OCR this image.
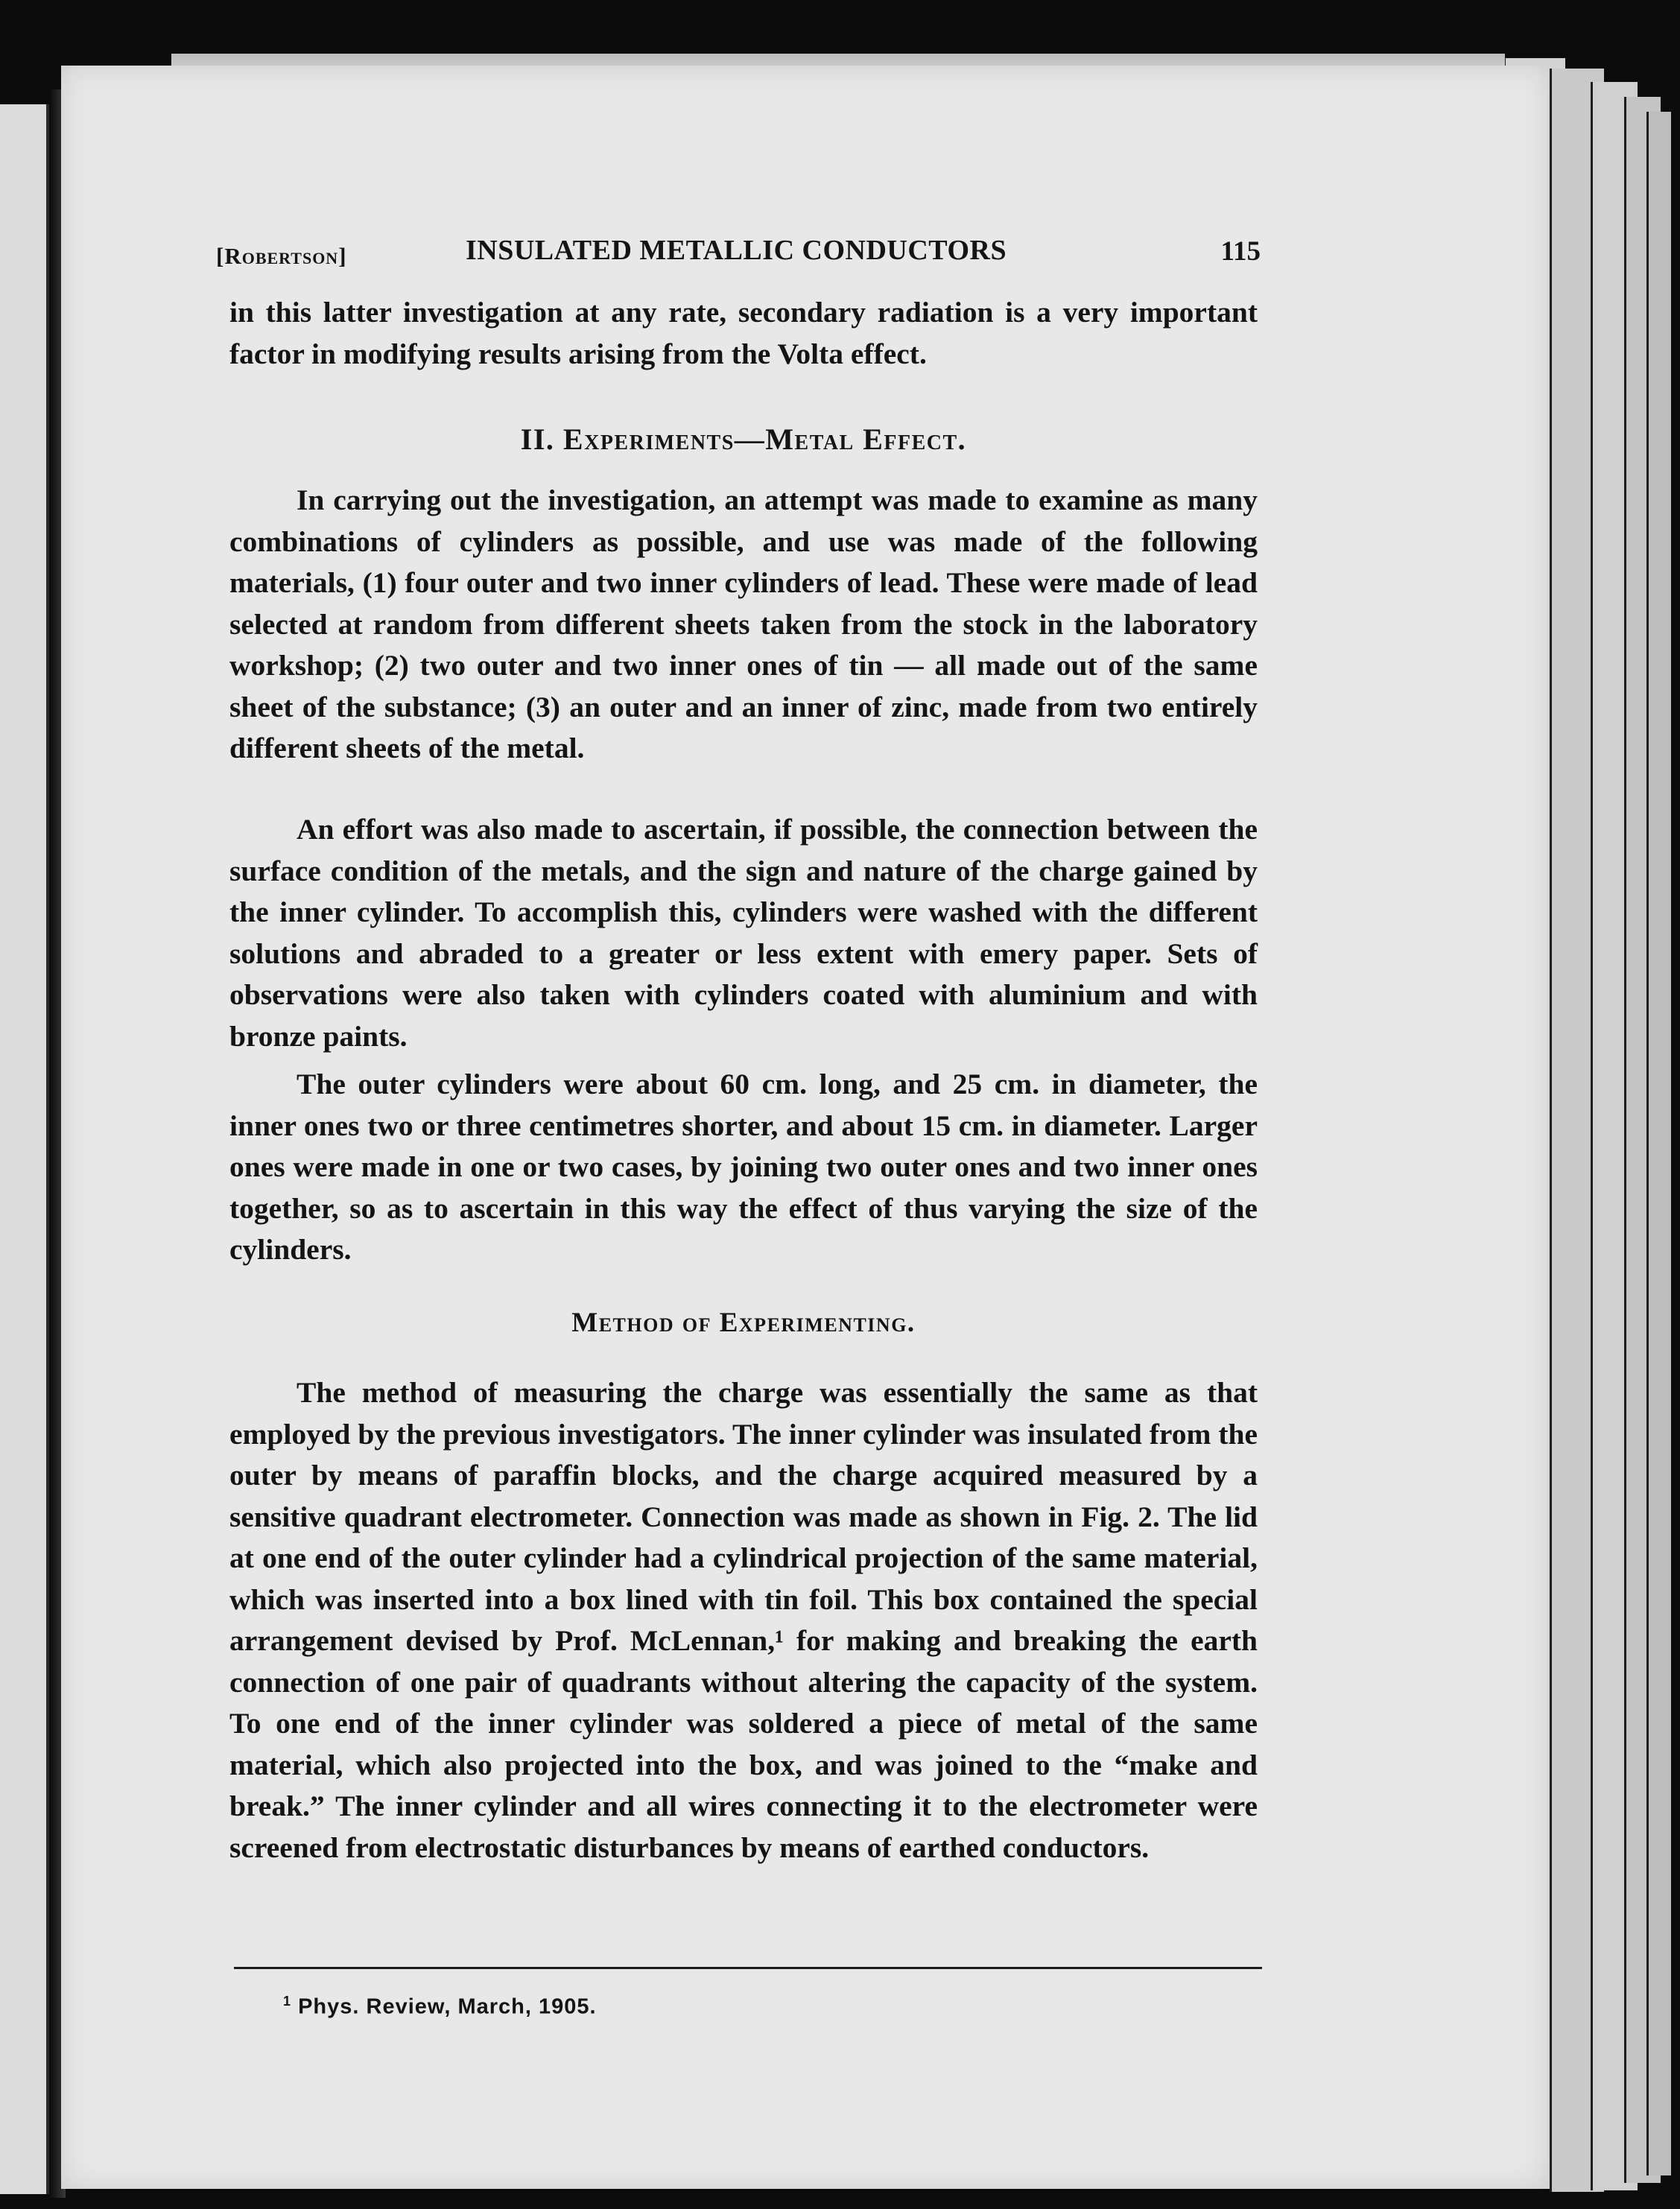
[Robertson]	INSULATED METALLIC CONDUCTORS	115

in this latter investigation at any rate, secondary radiation is a very important factor in modifying results arising from the Volta effect.

II. Experiments—Metal Effect.

In carrying out the investigation, an attempt was made to examine as many combinations of cylinders as possible, and use was made of the following materials, (1) four outer and two inner cylinders of lead. These were made of lead selected at random from different sheets taken from the stock in the laboratory workshop; (2) two outer and two inner ones of tin — all made out of the same sheet of the substance; (3) an outer and an inner of zinc, made from two entirely different sheets of the metal.

An effort was also made to ascertain, if possible, the connection between the surface condition of the metals, and the sign and nature of the charge gained by the inner cylinder. To accomplish this, cylinders were washed with the different solutions and abraded to a greater or less extent with emery paper. Sets of observations were also taken with cylinders coated with aluminium and with bronze paints.

The outer cylinders were about 60 cm. long, and 25 cm. in diameter, the inner ones two or three centimetres shorter, and about 15 cm. in diameter. Larger ones were made in one or two cases, by joining two outer ones and two inner ones together, so as to ascertain in this way the effect of thus varying the size of the cylinders.

Method of Experimenting.

The method of measuring the charge was essentially the same as that employed by the previous investigators. The inner cylinder was insulated from the outer by means of paraffin blocks, and the charge acquired measured by a sensitive quadrant electrometer. Connection was made as shown in Fig. 2. The lid at one end of the outer cylinder had a cylindrical projection of the same material, which was inserted into a box lined with tin foil. This box contained the special arrangement devised by Prof. McLennan,¹ for making and breaking the earth connection of one pair of quadrants without altering the capacity of the system. To one end of the inner cylinder was soldered a piece of metal of the same material, which also projected into the box, and was joined to the “make and break.” The inner cylinder and all wires connecting it to the electrometer were screened from electrostatic disturbances by means of earthed conductors.

$^1$ Phys. Review, March, 1905.
